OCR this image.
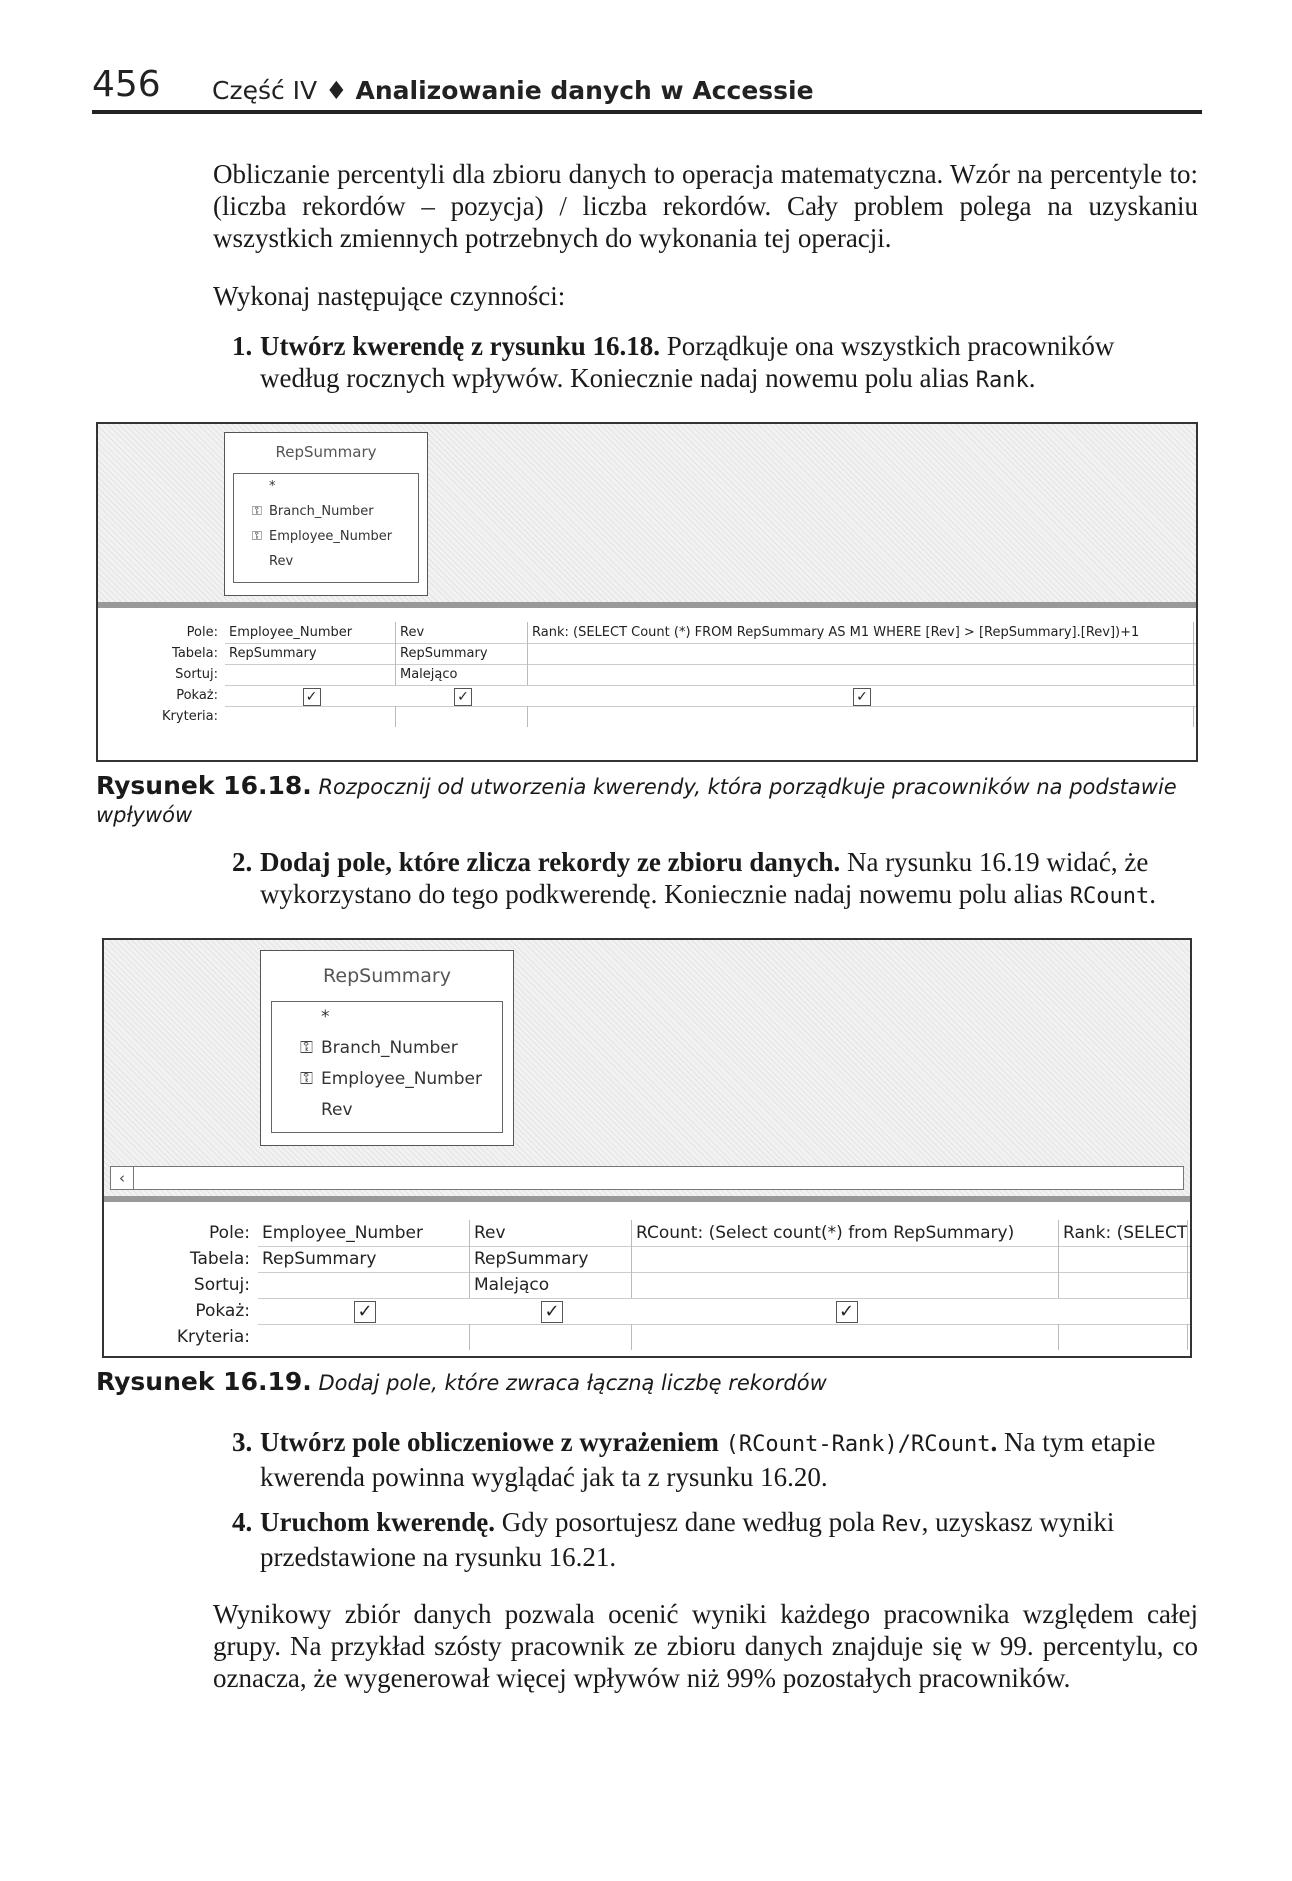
456 Część IV ♦ Analizowanie danych w Accessie
Obliczanie percentyli dla zbioru danych to operacja matematyczna. Wzór na percentyle to: (liczba rekordów – pozycja) / liczba rekordów. Cały problem polega na uzyskaniu wszystkich zmiennych potrzebnych do wykonania tej operacji.
Wykonaj następujące czynności:
1. Utwórz kwerendę z rysunku 16.18. Porządkuje ona wszystkich pracowników według rocznych wpływów. Koniecznie nadaj nowemu polu alias Rank.
RepSummary
*
⚿ Branch_Number
⚿ Employee_Number
Rev
Pole:
Tabela:
Sortuj:
Pokaż:
Kryteria:
Employee_Number
RepSummary
✓
Rev
RepSummary
Malejąco
✓
Rank: (SELECT Count (*) FROM RepSummary AS M1 WHERE [Rev] > [RepSummary].[Rev])+1
✓
Rysunek 16.18. Rozpocznij od utworzenia kwerendy, która porządkuje pracowników na podstawie wpływów
2. Dodaj pole, które zlicza rekordy ze zbioru danych. Na rysunku 16.19 widać, że wykorzystano do tego podkwerendę. Koniecznie nadaj nowemu polu alias RCount.
RepSummary
*
⚿ Branch_Number
⚿ Employee_Number
Rev
‹
Pole:
Tabela:
Sortuj:
Pokaż:
Kryteria:
Employee_Number
RepSummary
✓
Rev
RepSummary
Malejąco
✓
RCount: (Select count(*) from RepSummary)
✓
Rank: (SELECT
Rysunek 16.19. Dodaj pole, które zwraca łączną liczbę rekordów
3. Utwórz pole obliczeniowe z wyrażeniem (RCount-Rank)/RCount. Na tym etapie kwerenda powinna wyglądać jak ta z rysunku 16.20.
4. Uruchom kwerendę. Gdy posortujesz dane według pola Rev, uzyskasz wyniki przedstawione na rysunku 16.21.
Wynikowy zbiór danych pozwala ocenić wyniki każdego pracownika względem całej grupy. Na przykład szósty pracownik ze zbioru danych znajduje się w 99. percentylu, co oznacza, że wygenerował więcej wpływów niż 99% pozostałych pracowników.
